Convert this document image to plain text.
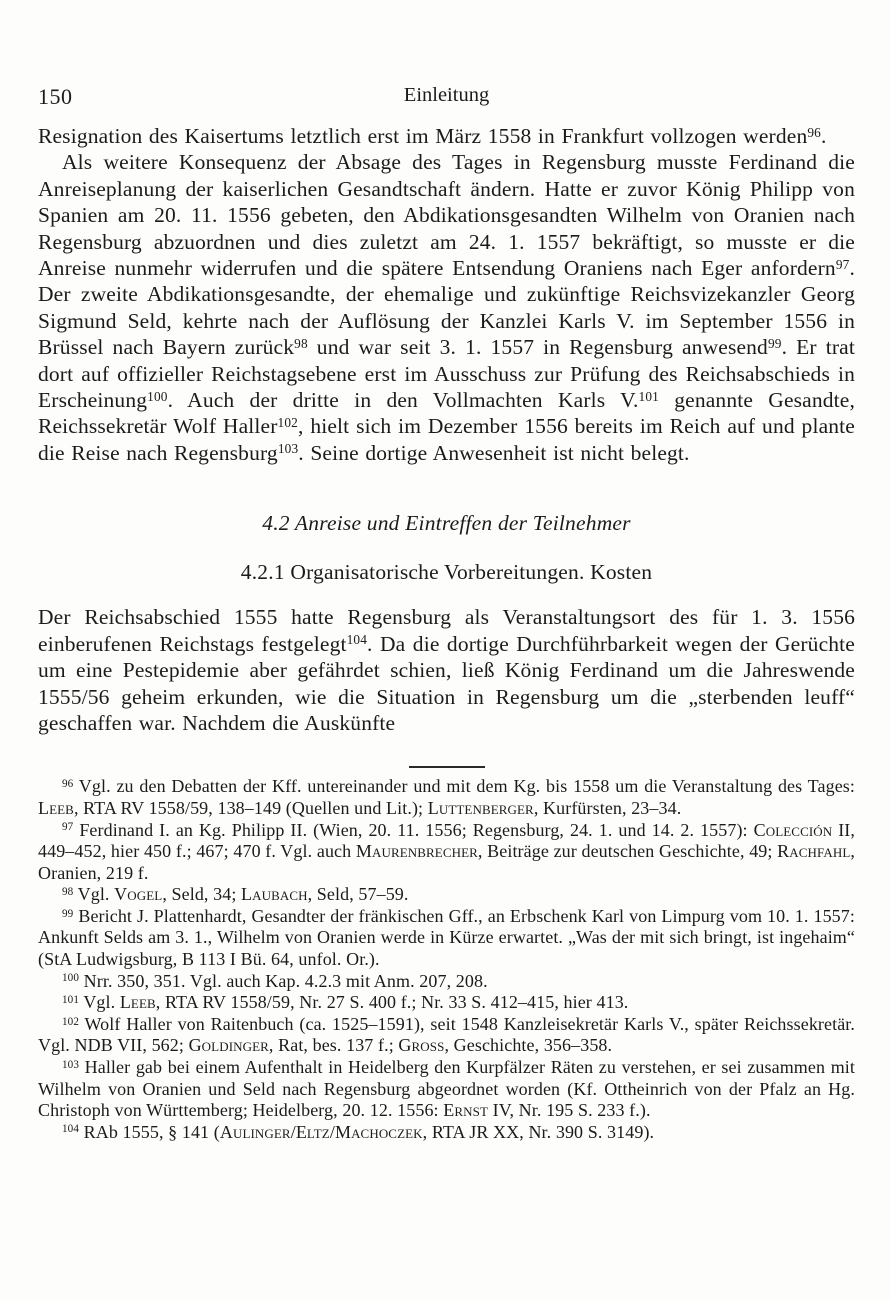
150	Einleitung

Resignation des Kaisertums letztlich erst im März 1558 in Frankfurt vollzogen werden$^{96}$.

Als weitere Konsequenz der Absage des Tages in Regensburg musste Ferdinand die Anreiseplanung der kaiserlichen Gesandtschaft ändern. Hatte er zuvor König Philipp von Spanien am 20. 11. 1556 gebeten, den Abdikationsgesandten Wilhelm von Oranien nach Regensburg abzuordnen und dies zuletzt am 24. 1. 1557 bekräftigt, so musste er die Anreise nunmehr widerrufen und die spätere Entsendung Oraniens nach Eger anfordern$^{97}$. Der zweite Abdikationsgesandte, der ehemalige und zukünftige Reichsvizekanzler Georg Sigmund Seld, kehrte nach der Auflösung der Kanzlei Karls V. im September 1556 in Brüssel nach Bayern zurück$^{98}$ und war seit 3. 1. 1557 in Regensburg anwesend$^{99}$. Er trat dort auf offizieller Reichstagsebene erst im Ausschuss zur Prüfung des Reichsabschieds in Erscheinung$^{100}$. Auch der dritte in den Vollmachten Karls V.$^{101}$ genannte Gesandte, Reichssekretär Wolf Haller$^{102}$, hielt sich im Dezember 1556 bereits im Reich auf und plante die Reise nach Regensburg$^{103}$. Seine dortige Anwesenheit ist nicht belegt.

4.2 Anreise und Eintreffen der Teilnehmer
4.2.1 Organisatorische Vorbereitungen. Kosten

Der Reichsabschied 1555 hatte Regensburg als Veranstaltungsort des für 1. 3. 1556 einberufenen Reichstags festgelegt$^{104}$. Da die dortige Durchführbarkeit wegen der Gerüchte um eine Pestepidemie aber gefährdet schien, ließ König Ferdinand um die Jahreswende 1555/56 geheim erkunden, wie die Situation in Regensburg um die „sterbenden leuff“ geschaffen war. Nachdem die Auskünfte

$^{96}$ Vgl. zu den Debatten der Kff. untereinander und mit dem Kg. bis 1558 um die Veranstaltung des Tages: Leeb, RTA RV 1558/59, 138–149 (Quellen und Lit.); Luttenberger, Kurfürsten, 23–34.

$^{97}$ Ferdinand I. an Kg. Philipp II. (Wien, 20. 11. 1556; Regensburg, 24. 1. und 14. 2. 1557): Colección II, 449–452, hier 450 f.; 467; 470 f. Vgl. auch Maurenbrecher, Beiträge zur deutschen Geschichte, 49; Rachfahl, Oranien, 219 f.

$^{98}$ Vgl. Vogel, Seld, 34; Laubach, Seld, 57–59.

$^{99}$ Bericht J. Plattenhardt, Gesandter der fränkischen Gff., an Erbschenk Karl von Limpurg vom 10. 1. 1557: Ankunft Selds am 3. 1., Wilhelm von Oranien werde in Kürze erwartet. „Was der mit sich bringt, ist ingehaim“ (StA Ludwigsburg, B 113 I Bü. 64, unfol. Or.).

$^{100}$ Nrr. 350, 351. Vgl. auch Kap. 4.2.3 mit Anm. 207, 208.

$^{101}$ Vgl. Leeb, RTA RV 1558/59, Nr. 27 S. 400 f.; Nr. 33 S. 412–415, hier 413.

$^{102}$ Wolf Haller von Raitenbuch (ca. 1525–1591), seit 1548 Kanzleisekretär Karls V., später Reichssekretär. Vgl. NDB VII, 562; Goldinger, Rat, bes. 137 f.; Gross, Geschichte, 356–358.

$^{103}$ Haller gab bei einem Aufenthalt in Heidelberg den Kurpfälzer Räten zu verstehen, er sei zusammen mit Wilhelm von Oranien und Seld nach Regensburg abgeordnet worden (Kf. Ottheinrich von der Pfalz an Hg. Christoph von Württemberg; Heidelberg, 20. 12. 1556: Ernst IV, Nr. 195 S. 233 f.).

$^{104}$ RAb 1555, § 141 (Aulinger/Eltz/Machoczek, RTA JR XX, Nr. 390 S. 3149).
